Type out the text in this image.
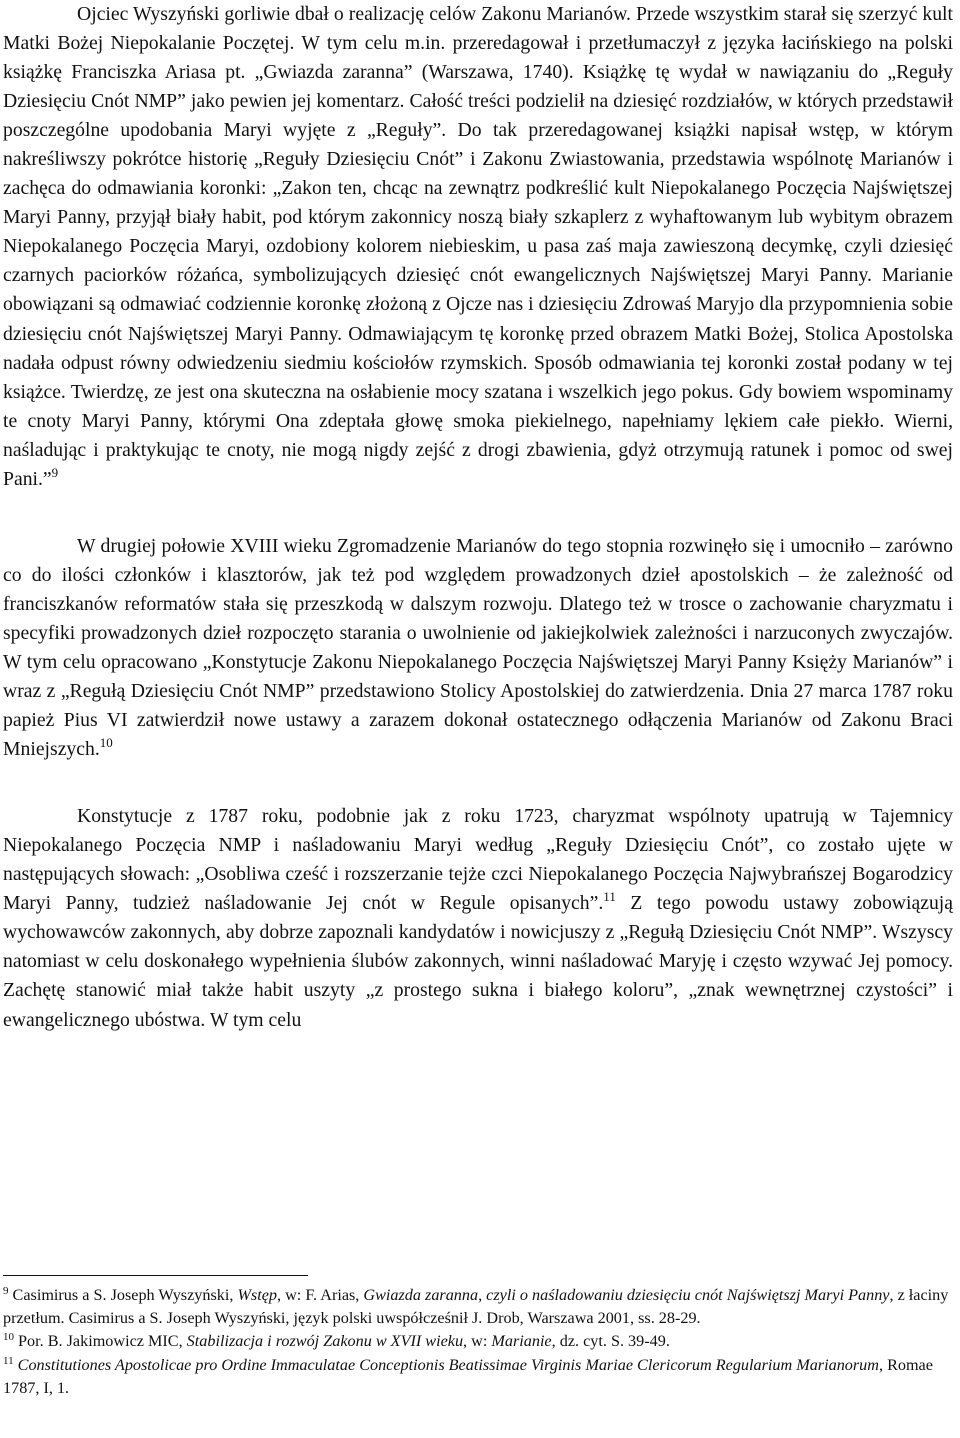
Ojciec Wyszyński gorliwie dbał o realizację celów Zakonu Marianów. Przede wszystkim starał się szerzyć kult Matki Bożej Niepokalanie Poczętej. W tym celu m.in. przeredagował i przetłumaczył z języka łacińskiego na polski książkę Franciszka Ariasa pt. „Gwiazda zaranna” (Warszawa, 1740). Książkę tę wydał w nawiązaniu do „Reguły Dziesięciu Cnót NMP” jako pewien jej komentarz. Całość treści podzielił na dziesięć rozdziałów, w których przedstawił poszczególne upodobania Maryi wyjęte z „Reguły”. Do tak przeredagowanej książki napisał wstęp, w którym nakreśliwszy pokrótce historię „Reguły Dziesięciu Cnót” i Zakonu Zwiastowania, przedstawia wspólnotę Marianów i zachęca do odmawiania koronki: „Zakon ten, chcąc na zewnątrz podkreślić kult Niepokalanego Poczęcia Najświętszej Maryi Panny, przyjął biały habit, pod którym zakonnicy noszą biały szkaplerz z wyhaftowanym lub wybitym obrazem Niepokalanego Poczęcia Maryi, ozdobiony kolorem niebieskim, u pasa zaś maja zawieszoną decymkę, czyli dziesięć czarnych paciorków różańca, symbolizujących dziesięć cnót ewangelicznych Najświętszej Maryi Panny. Marianie obowiązani są odmawiać codziennie koronkę złożoną z Ojcze nas i dziesięciu Zdrowaś Maryjo dla przypomnienia sobie dziesięciu cnót Najświętszej Maryi Panny. Odmawiającym tę koronkę przed obrazem Matki Bożej, Stolica Apostolska nadała odpust równy odwiedzeniu siedmiu kościołów rzymskich. Sposób odmawiania tej koronki został podany w tej książce. Twierdzę, ze jest ona skuteczna na osłabienie mocy szatana i wszelkich jego pokus. Gdy bowiem wspominamy te cnoty Maryi Panny, którymi Ona zdeptała głowę smoka piekielnego, napełniamy lękiem całe piekło. Wierni, naśladując i praktykując te cnoty, nie mogą nigdy zejść z drogi zbawienia, gdyż otrzymują ratunek i pomoc od swej Pani.”$^9$

W drugiej połowie XVIII wieku Zgromadzenie Marianów do tego stopnia rozwinęło się i umocniło – zarówno co do ilości członków i klasztorów, jak też pod względem prowadzonych dzieł apostolskich – że zależność od franciszkanów reformatów stała się przeszkodą w dalszym rozwoju. Dlatego też w trosce o zachowanie charyzmatu i specyfiki prowadzonych dzieł rozpoczęto starania o uwolnienie od jakiejkolwiek zależności i narzuconych zwyczajów. W tym celu opracowano „Konstytucje Zakonu Niepokalanego Poczęcia Najświętszej Maryi Panny Księży Marianów” i wraz z „Regułą Dziesięciu Cnót NMP” przedstawiono Stolicy Apostolskiej do zatwierdzenia. Dnia 27 marca 1787 roku papież Pius VI zatwierdził nowe ustawy a zarazem dokonał ostatecznego odłączenia Marianów od Zakonu Braci Mniejszych.$^{10}$

Konstytucje z 1787 roku, podobnie jak z roku 1723, charyzmat wspólnoty upatrują w Tajemnicy Niepokalanego Poczęcia NMP i naśladowaniu Maryi według „Reguły Dziesięciu Cnót”, co zostało ujęte w następujących słowach: „Osobliwa cześć i rozszerzanie tejże czci Niepokalanego Poczęcia Najwybrańszej Bogarodzicy Maryi Panny, tudzież naśladowanie Jej cnót w Regule opisanych”.$^{11}$ Z tego powodu ustawy zobowiązują wychowawców zakonnych, aby dobrze zapoznali kandydatów i nowicjuszy z „Regułą Dziesięciu Cnót NMP”. Wszyscy natomiast w celu doskonałego wypełnienia ślubów zakonnych, winni naśladować Maryję i często wzywać Jej pomocy. Zachętę stanowić miał także habit uszyty „z prostego sukna i białego koloru”, „znak wewnętrznej czystości” i ewangelicznego ubóstwa. W tym celu

$^9$ Casimirus a S. Joseph Wyszyński, Wstęp, w: F. Arias, Gwiazda zaranna, czyli o naśladowaniu dziesięciu cnót Najświętszj Maryi Panny, z łaciny przetłum. Casimirus a S. Joseph Wyszyński, język polski uwspółcześnił J. Drob, Warszawa 2001, ss. 28-29.

$^{10}$ Por. B. Jakimowicz MIC, Stabilizacja i rozwój Zakonu w XVII wieku, w: Marianie, dz. cyt. S. 39-49.

$^{11}$ Constitutiones Apostolicae pro Ordine Immaculatae Conceptionis Beatissimae Virginis Mariae Clericorum Regularium Marianorum, Romae 1787, I, 1.
